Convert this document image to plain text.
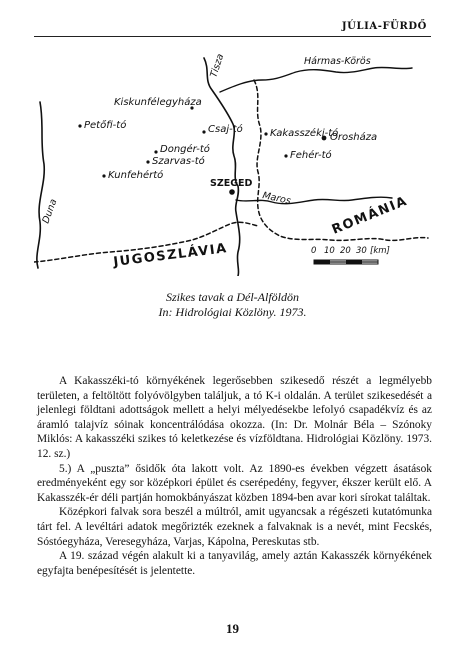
JÚLIA-FÜRDŐ
Kiskunfélegyháza
Petőfi-tó	Csaj-tó
Dongér-tó
Szarvas-tó
Kunfehértó
Kakasszéki-tó
Orosháza
Fehér-tó
SZEGED
Tisza	Hármas-Körös
Maros
Duna
JUGOSZLÁVIA
ROMÁNIA
0 10 20 30 [km]
Szikes tavak a Dél-Alföldön
In: Hidrológiai Közlöny. 1973.

A Kakasszéki-tó környékének legerősebben szikesedő részét a legmélyebb területen, a feltöltött folyóvölgyben találjuk, a tó K-i oldalán. A terület szikesedését a jelenlegi földtani adottságok mellett a helyi mélyedésekbe lefolyó csapadékvíz és az áramló talajvíz sóinak koncentrálódása okozza. (In: Dr. Molnár Béla – Szónoky Miklós: A kakasszéki szikes tó keletkezése és vízföldtana. Hidrológiai Közlöny. 1973. 12. sz.)

5.) A „puszta” ősidők óta lakott volt. Az 1890-es években végzett ásatások eredményeként egy sor középkori épület és cserépedény, fegyver, ékszer került elő. A Kakasszék-ér déli partján homokbányászat közben 1894-ben avar kori sírokat találtak.

Középkori falvak sora beszél a múltról, amit ugyancsak a régészeti kutatómunka tárt fel. A levéltári adatok megőrizték ezeknek a falvaknak is a nevét, mint Fecskés, Sóstóegyháza, Veresegyháza, Varjas, Kápolna, Pereskutas stb.

A 19. század végén alakult ki a tanyavilág, amely aztán Kakasszék környékének egyfajta benépesítését is jelentette.

19
